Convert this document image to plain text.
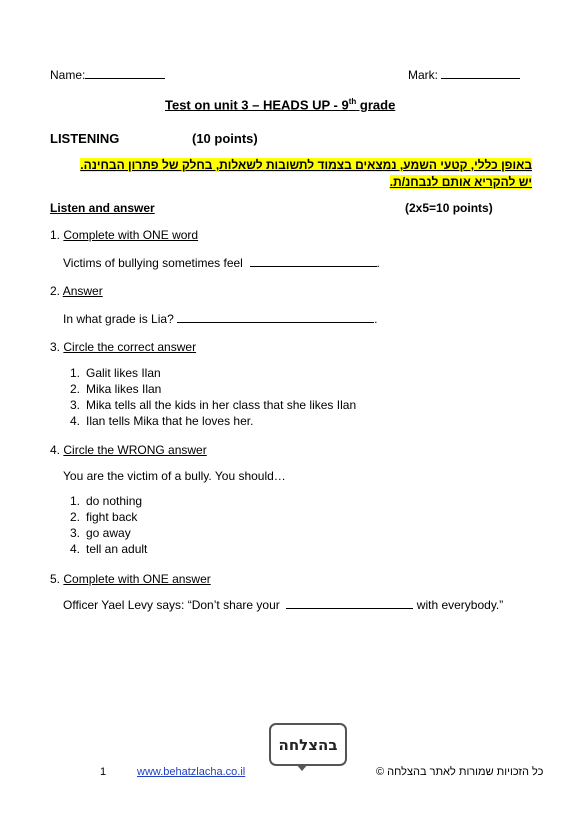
Name:	Mark:
Test on unit 3 – HEADS UP - 9th grade
LISTENING	(10 points)
באופן כללי, קטעי השמע, נמצאים בצמוד לתשובות לשאלות, בחלק של פתרון הבחינה. יש להקריא אותם לנבחנ/ת.
Listen and answer	(2x5=10 points)
1. Complete with ONE word
Victims of bullying sometimes feel	.
2. Answer
In what grade is Lia?	.
3. Circle the correct answer
1. Galit likes Ilan
2. Mika likes Ilan
3. Mika tells all the kids in her class that she likes Ilan
4. Ilan tells Mika that he loves her.
4. Circle the WRONG answer
You are the victim of a bully. You should…
1. do nothing
2. fight back
3. go away
4. tell an adult
5. Complete with ONE answer
Officer Yael Levy says: “Don’t share your	with everybody.”
בהצלחה
1	www.behatzlacha.co.il	כל הזכויות שמורות לאתר בהצלחה ©
